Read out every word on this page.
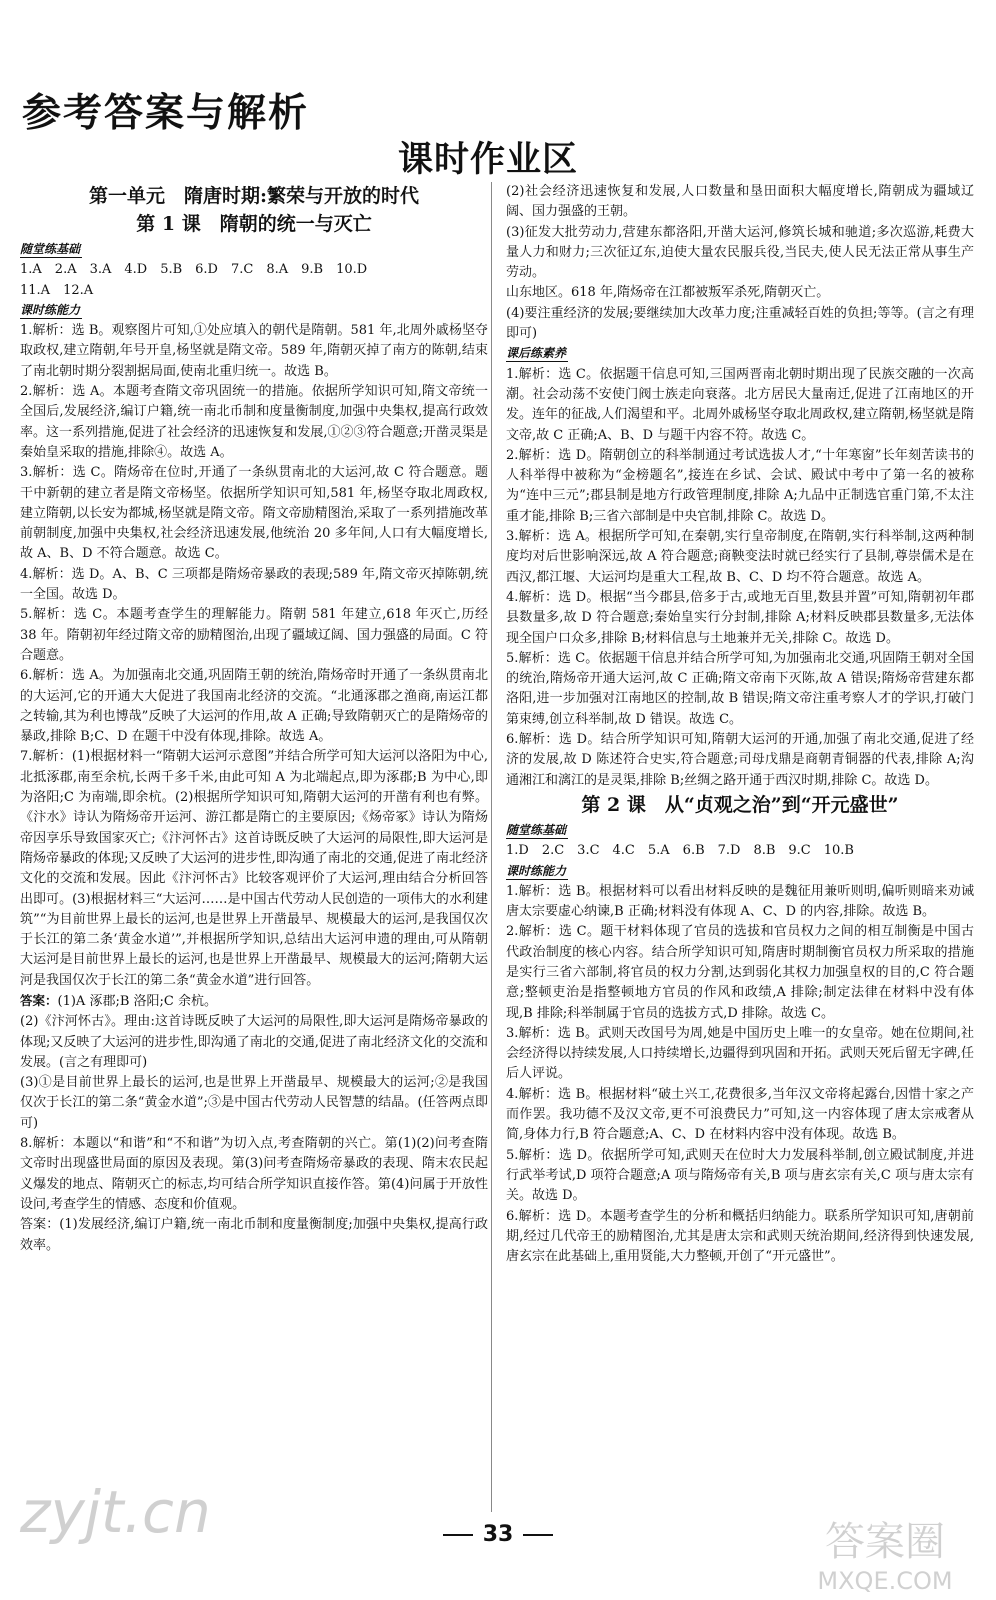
参考答案与解析
课时作业区

第一单元　隋唐时期:繁荣与开放的时代

第 1 课　隋朝的统一与灭亡

随堂练基础

1.A　2.A　3.A　4.D　5.B　6.D　7.C　8.A　9.B　10.D
11.A　12.A

课时练能力

1.解析：选 B。观察图片可知,①处应填入的朝代是隋朝。581 年,北周外戚杨坚夺取政权,建立隋朝,年号开皇,杨坚就是隋文帝。589 年,隋朝灭掉了南方的陈朝,结束了南北朝时期分裂割据局面,使南北重归统一。故选 B。

2.解析：选 A。本题考查隋文帝巩固统一的措施。依据所学知识可知,隋文帝统一全国后,发展经济,编订户籍,统一南北币制和度量衡制度,加强中央集权,提高行政效率。这一系列措施,促进了社会经济的迅速恢复和发展,①②③符合题意;开凿灵渠是秦始皇采取的措施,排除④。故选 A。

3.解析：选 C。隋炀帝在位时,开通了一条纵贯南北的大运河,故 C 符合题意。题干中新朝的建立者是隋文帝杨坚。依据所学知识可知,581 年,杨坚夺取北周政权,建立隋朝,以长安为都城,杨坚就是隋文帝。隋文帝励精图治,采取了一系列措施改革前朝制度,加强中央集权,社会经济迅速发展,他统治 20 多年间,人口有大幅度增长,故 A、B、D 不符合题意。故选 C。

4.解析：选 D。A、B、C 三项都是隋炀帝暴政的表现;589 年,隋文帝灭掉陈朝,统一全国。故选 D。

5.解析：选 C。本题考查学生的理解能力。隋朝 581 年建立,618 年灭亡,历经 38 年。隋朝初年经过隋文帝的励精图治,出现了疆域辽阔、国力强盛的局面。C 符合题意。

6.解析：选 A。为加强南北交通,巩固隋王朝的统治,隋炀帝时开通了一条纵贯南北的大运河,它的开通大大促进了我国南北经济的交流。“北通涿郡之渔商,南运江都之转输,其为利也博哉”反映了大运河的作用,故 A 正确;导致隋朝灭亡的是隋炀帝的暴政,排除 B;C、D 在题干中没有体现,排除。故选 A。

7.解析：(1)根据材料一“隋朝大运河示意图”并结合所学可知大运河以洛阳为中心,北抵涿郡,南至余杭,长两千多千米,由此可知 A 为北端起点,即为涿郡;B 为中心,即为洛阳;C 为南端,即余杭。(2)根据所学知识可知,隋朝大运河的开凿有利也有弊。《汴水》诗认为隋炀帝开运河、游江都是隋亡的主要原因;《炀帝冢》诗认为隋炀帝因享乐导致国家灭亡;《汴河怀古》这首诗既反映了大运河的局限性,即大运河是隋炀帝暴政的体现;又反映了大运河的进步性,即沟通了南北的交通,促进了南北经济文化的交流和发展。因此《汴河怀古》比较客观评价了大运河,理由结合分析回答出即可。(3)根据材料三“大运河……是中国古代劳动人民创造的一项伟大的水利建筑”“为目前世界上最长的运河,也是世界上开凿最早、规模最大的运河,是我国仅次于长江的第二条‘黄金水道’”,并根据所学知识,总结出大运河申遗的理由,可从隋朝大运河是目前世界上最长的运河,也是世界上开凿最早、规模最大的运河;隋朝大运河是我国仅次于长江的第二条“黄金水道”进行回答。

答案：(1)A 涿郡;B 洛阳;C 余杭。

(2)《汴河怀古》。理由:这首诗既反映了大运河的局限性,即大运河是隋炀帝暴政的体现;又反映了大运河的进步性,即沟通了南北的交通,促进了南北经济文化的交流和发展。(言之有理即可)

(3)①是目前世界上最长的运河,也是世界上开凿最早、规模最大的运河;②是我国仅次于长江的第二条“黄金水道”;③是中国古代劳动人民智慧的结晶。(任答两点即可)

8.解析：本题以“和谐”和“不和谐”为切入点,考查隋朝的兴亡。第(1)(2)问考查隋文帝时出现盛世局面的原因及表现。第(3)问考查隋炀帝暴政的表现、隋末农民起义爆发的地点、隋朝灭亡的标志,均可结合所学知识直接作答。第(4)问属于开放性设问,考查学生的情感、态度和价值观。

答案：(1)发展经济,编订户籍,统一南北币制和度量衡制度;加强中央集权,提高行政效率。

(2)社会经济迅速恢复和发展,人口数量和垦田面积大幅度增长,隋朝成为疆域辽阔、国力强盛的王朝。

(3)征发大批劳动力,营建东都洛阳,开凿大运河,修筑长城和驰道;多次巡游,耗费大量人力和财力;三次征辽东,迫使大量农民服兵役,当民夫,使人民无法正常从事生产劳动。

山东地区。618 年,隋炀帝在江都被叛军杀死,隋朝灭亡。

(4)要注重经济的发展;要继续加大改革力度;注重减轻百姓的负担;等等。(言之有理即可)

课后练素养

1.解析：选 C。依据题干信息可知,三国两晋南北朝时期出现了民族交融的一次高潮。社会动荡不安使门阀士族走向衰落。北方居民大量南迁,促进了江南地区的开发。连年的征战,人们渴望和平。北周外戚杨坚夺取北周政权,建立隋朝,杨坚就是隋文帝,故 C 正确;A、B、D 与题干内容不符。故选 C。

2.解析：选 D。隋朝创立的科举制通过考试选拔人才,“十年寒窗”长年刻苦读书的人科举得中被称为“金榜题名”,接连在乡试、会试、殿试中考中了第一名的被称为“连中三元”;郡县制是地方行政管理制度,排除 A;九品中正制选官重门第,不太注重才能,排除 B;三省六部制是中央官制,排除 C。故选 D。

3.解析：选 A。根据所学可知,在秦朝,实行皇帝制度,在隋朝,实行科举制,这两种制度均对后世影响深远,故 A 符合题意;商鞅变法时就已经实行了县制,尊崇儒术是在西汉,都江堰、大运河均是重大工程,故 B、C、D 均不符合题意。故选 A。

4.解析：选 D。根据“当今郡县,倍多于古,或地无百里,数县并置”可知,隋朝初年郡县数量多,故 D 符合题意;秦始皇实行分封制,排除 A;材料反映郡县数量多,无法体现全国户口众多,排除 B;材料信息与土地兼并无关,排除 C。故选 D。

5.解析：选 C。依据题干信息并结合所学可知,为加强南北交通,巩固隋王朝对全国的统治,隋炀帝开通大运河,故 C 正确;隋文帝南下灭陈,故 A 错误;隋炀帝营建东都洛阳,进一步加强对江南地区的控制,故 B 错误;隋文帝注重考察人才的学识,打破门第束缚,创立科举制,故 D 错误。故选 C。

6.解析：选 D。结合所学知识可知,隋朝大运河的开通,加强了南北交通,促进了经济的发展,故 D 陈述符合史实,符合题意;司母戊鼎是商朝青铜器的代表,排除 A;沟通湘江和漓江的是灵渠,排除 B;丝绸之路开通于西汉时期,排除 C。故选 D。

第 2 课　从“贞观之治”到“开元盛世”

随堂练基础

1.D　2.C　3.C　4.C　5.A　6.B　7.D　8.B　9.C　10.B

课时练能力

1.解析：选 B。根据材料可以看出材料反映的是魏征用兼听则明,偏听则暗来劝诫唐太宗要虚心纳谏,B 正确;材料没有体现 A、C、D 的内容,排除。故选 B。

2.解析：选 C。题干材料体现了官员的选拔和官员权力之间的相互制衡是中国古代政治制度的核心内容。结合所学知识可知,隋唐时期制衡官员权力所采取的措施是实行三省六部制,将官员的权力分割,达到弱化其权力加强皇权的目的,C 符合题意;整顿吏治是指整顿地方官员的作风和政绩,A 排除;制定法律在材料中没有体现,B 排除;科举制属于官员的选拔方式,D 排除。故选 C。

3.解析：选 B。武则天改国号为周,她是中国历史上唯一的女皇帝。她在位期间,社会经济得以持续发展,人口持续增长,边疆得到巩固和开拓。武则天死后留无字碑,任后人评说。

4.解析：选 B。根据材料“破土兴工,花费很多,当年汉文帝将起露台,因惜十家之产而作罢。我功德不及汉文帝,更不可浪费民力”可知,这一内容体现了唐太宗戒奢从简,身体力行,B 符合题意;A、C、D 在材料内容中没有体现。故选 B。

5.解析：选 D。依据所学可知,武则天在位时大力发展科举制,创立殿试制度,并进行武举考试,D 项符合题意;A 项与隋炀帝有关,B 项与唐玄宗有关,C 项与唐太宗有关。故选 D。

6.解析：选 D。本题考查学生的分析和概括归纳能力。联系所学知识可知,唐朝前期,经过几代帝王的励精图治,尤其是唐太宗和武则天统治期间,经济得到快速发展,唐玄宗在此基础上,重用贤能,大力整顿,开创了“开元盛世”。

33
zyjt.cn	答案圈
MXQE.COM
